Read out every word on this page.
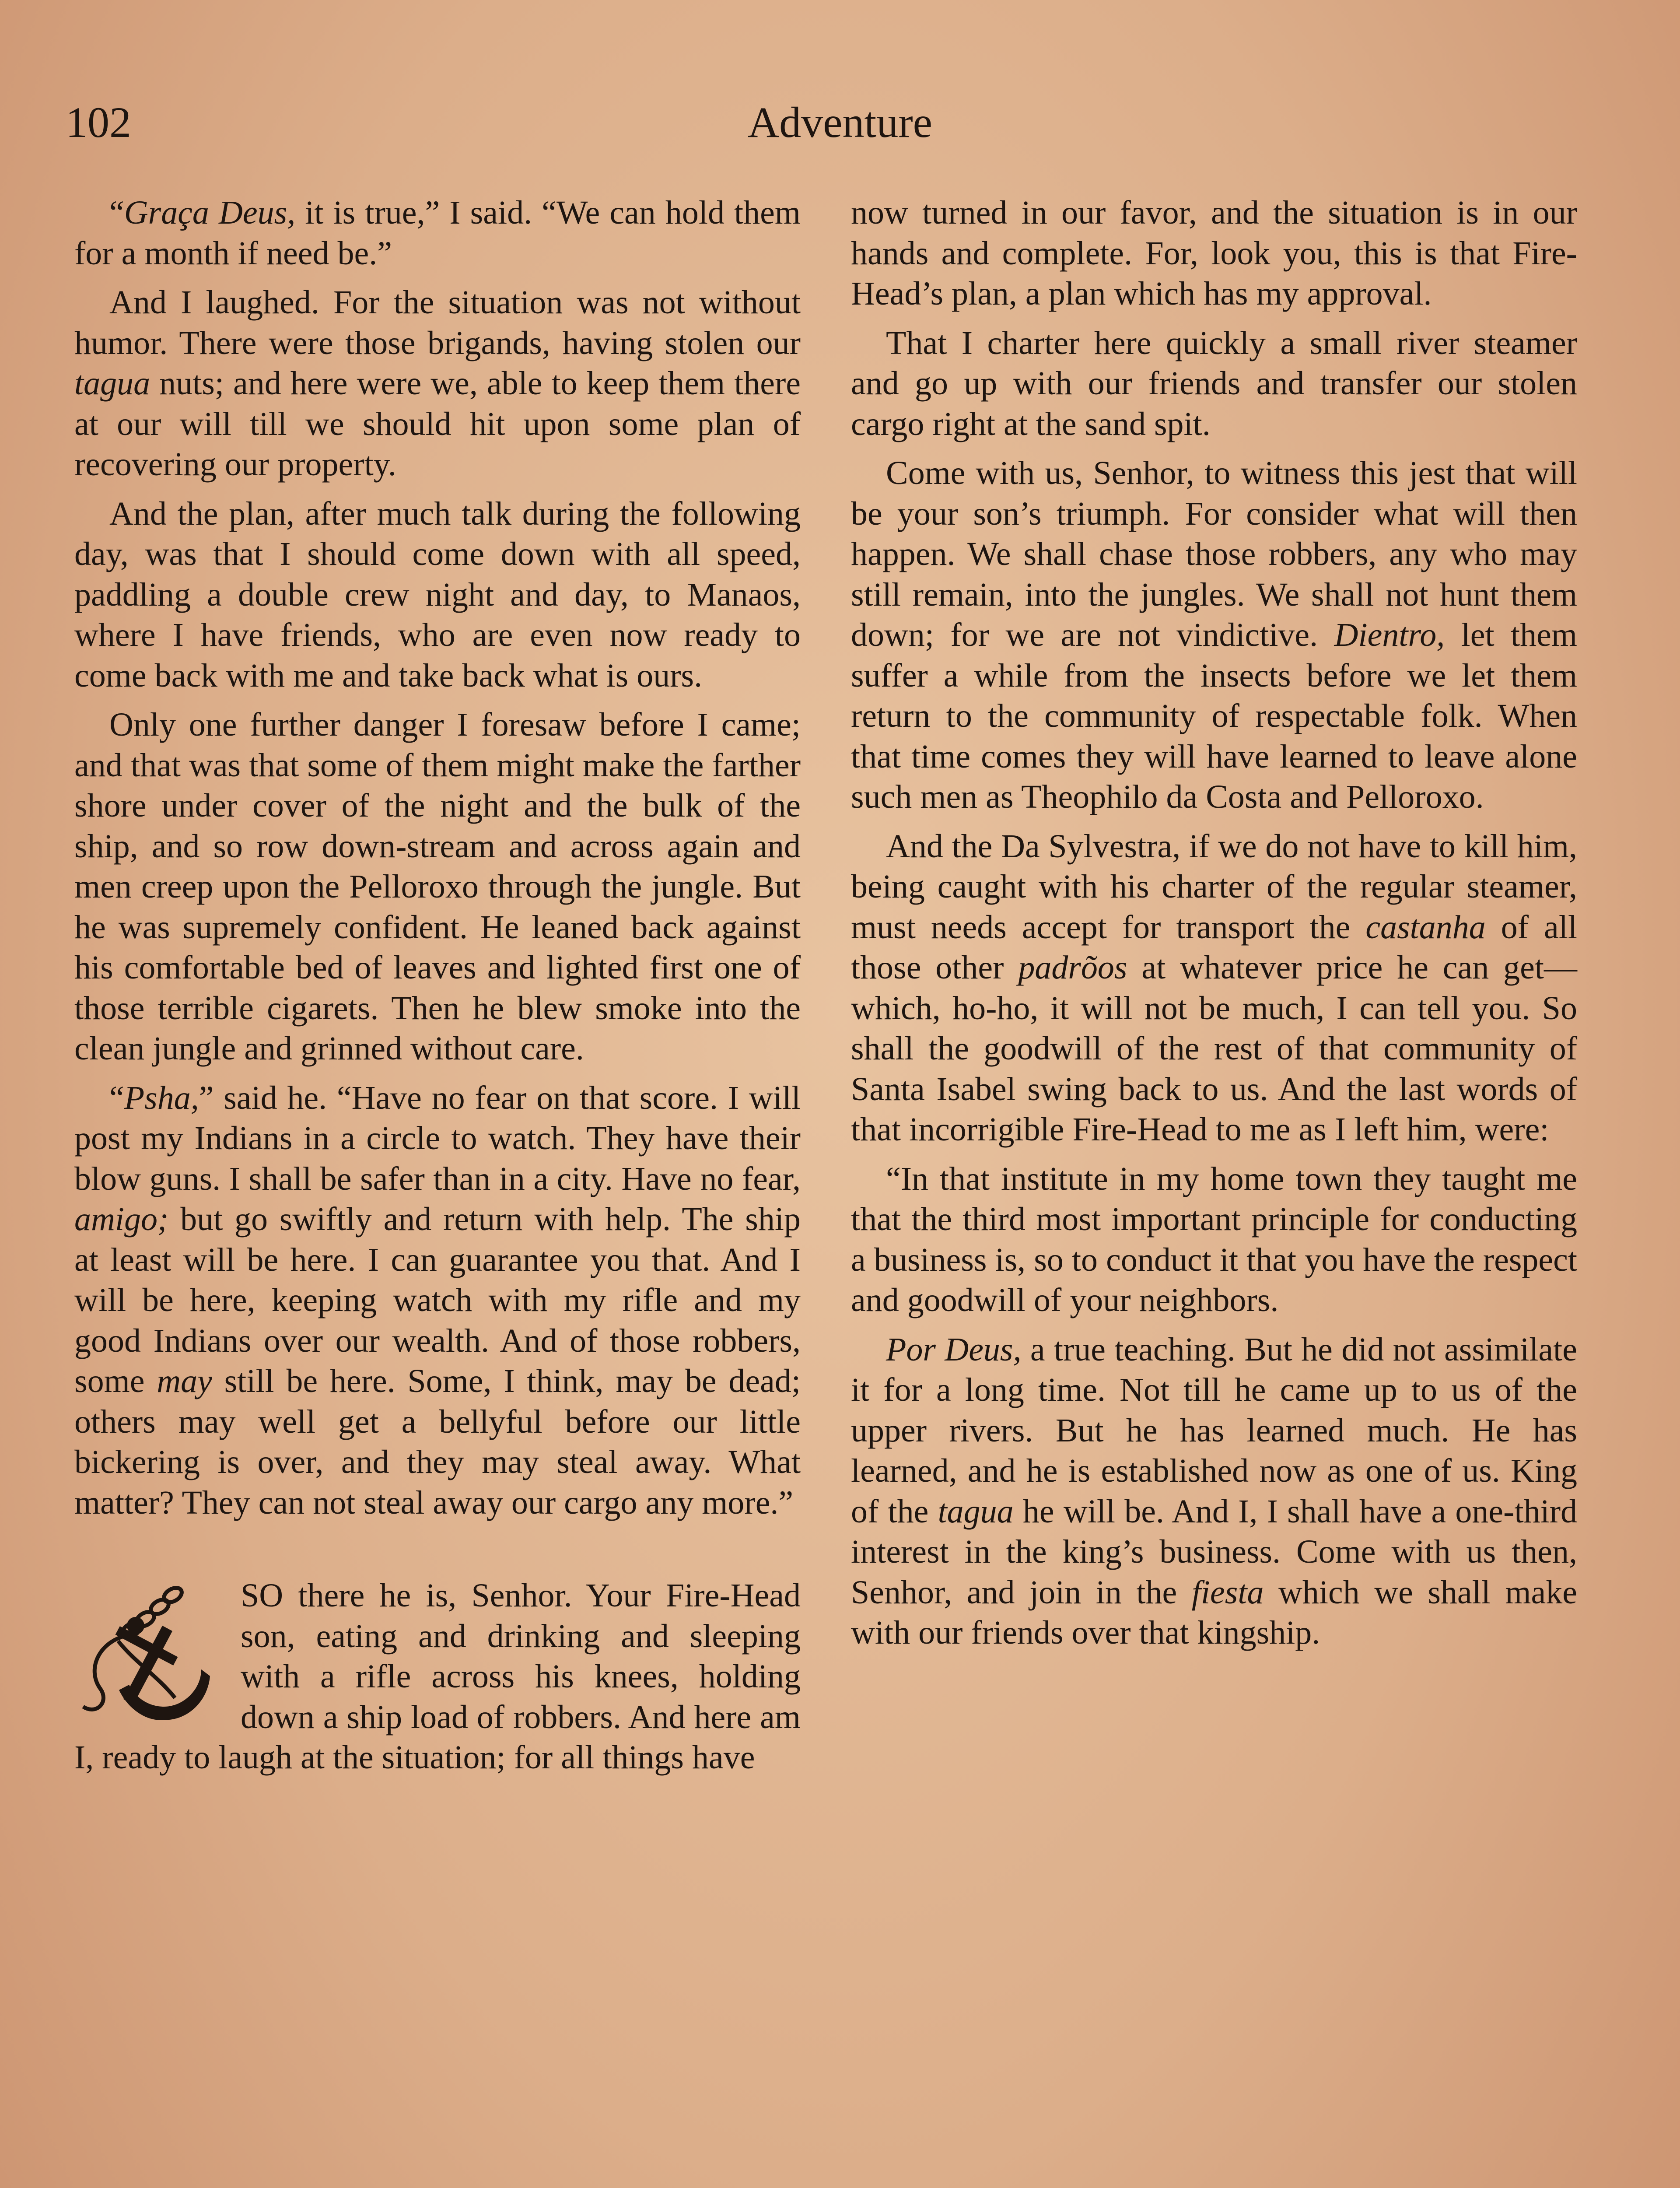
102	Adventure

“Graça Deus, it is true,” I said. “We can hold them for a month if need be.”

And I laughed. For the situation was not without humor. There were those brigands, having stolen our tagua nuts; and here were we, able to keep them there at our will till we should hit upon some plan of recovering our property.

And the plan, after much talk during the following day, was that I should come down with all speed, paddling a double crew night and day, to Manaos, where I have friends, who are even now ready to come back with me and take back what is ours.

Only one further danger I foresaw before I came; and that was that some of them might make the farther shore under cover of the night and the bulk of the ship, and so row down-stream and across again and men creep upon the Pelloroxo through the jungle. But he was supremely confident. He leaned back against his comfortable bed of leaves and lighted first one of those terrible cigarets. Then he blew smoke into the clean jungle and grinned without care.

“Psha,” said he. “Have no fear on that score. I will post my Indians in a circle to watch. They have their blow guns. I shall be safer than in a city. Have no fear, amigo; but go swiftly and return with help. The ship at least will be here. I can guarantee you that. And I will be here, keeping watch with my rifle and my good Indians over our wealth. And of those robbers, some may still be here. Some, I think, may be dead; others may well get a bellyful before our little bickering is over, and they may steal away. What matter? They can not steal away our cargo any more.”

SO there he is, Senhor. Your Fire-Head son, eating and drinking and sleeping with a rifle across his knees, holding down a ship load of robbers. And here am I, ready to laugh at the situation; for all things have

now turned in our favor, and the situation is in our hands and complete. For, look you, this is that Fire-Head’s plan, a plan which has my approval.

That I charter here quickly a small river steamer and go up with our friends and transfer our stolen cargo right at the sand spit.

Come with us, Senhor, to witness this jest that will be your son’s triumph. For consider what will then happen. We shall chase those robbers, any who may still remain, into the jungles. We shall not hunt them down; for we are not vindictive. Dientro, let them suffer a while from the insects before we let them return to the community of respectable folk. When that time comes they will have learned to leave alone such men as Theophilo da Costa and Pelloroxo.

And the Da Sylvestra, if we do not have to kill him, being caught with his charter of the regular steamer, must needs accept for transport the castanha of all those other padrõos at whatever price he can get—which, ho-ho, it will not be much, I can tell you. So shall the goodwill of the rest of that community of Santa Isabel swing back to us. And the last words of that incorrigible Fire-Head to me as I left him, were:

“In that institute in my home town they taught me that the third most important principle for conducting a business is, so to conduct it that you have the respect and goodwill of your neighbors.

Por Deus, a true teaching. But he did not assimilate it for a long time. Not till he came up to us of the upper rivers. But he has learned much. He has learned, and he is established now as one of us. King of the tagua he will be. And I, I shall have a one-third interest in the king’s business. Come with us then, Senhor, and join in the fiesta which we shall make with our friends over that kingship.
